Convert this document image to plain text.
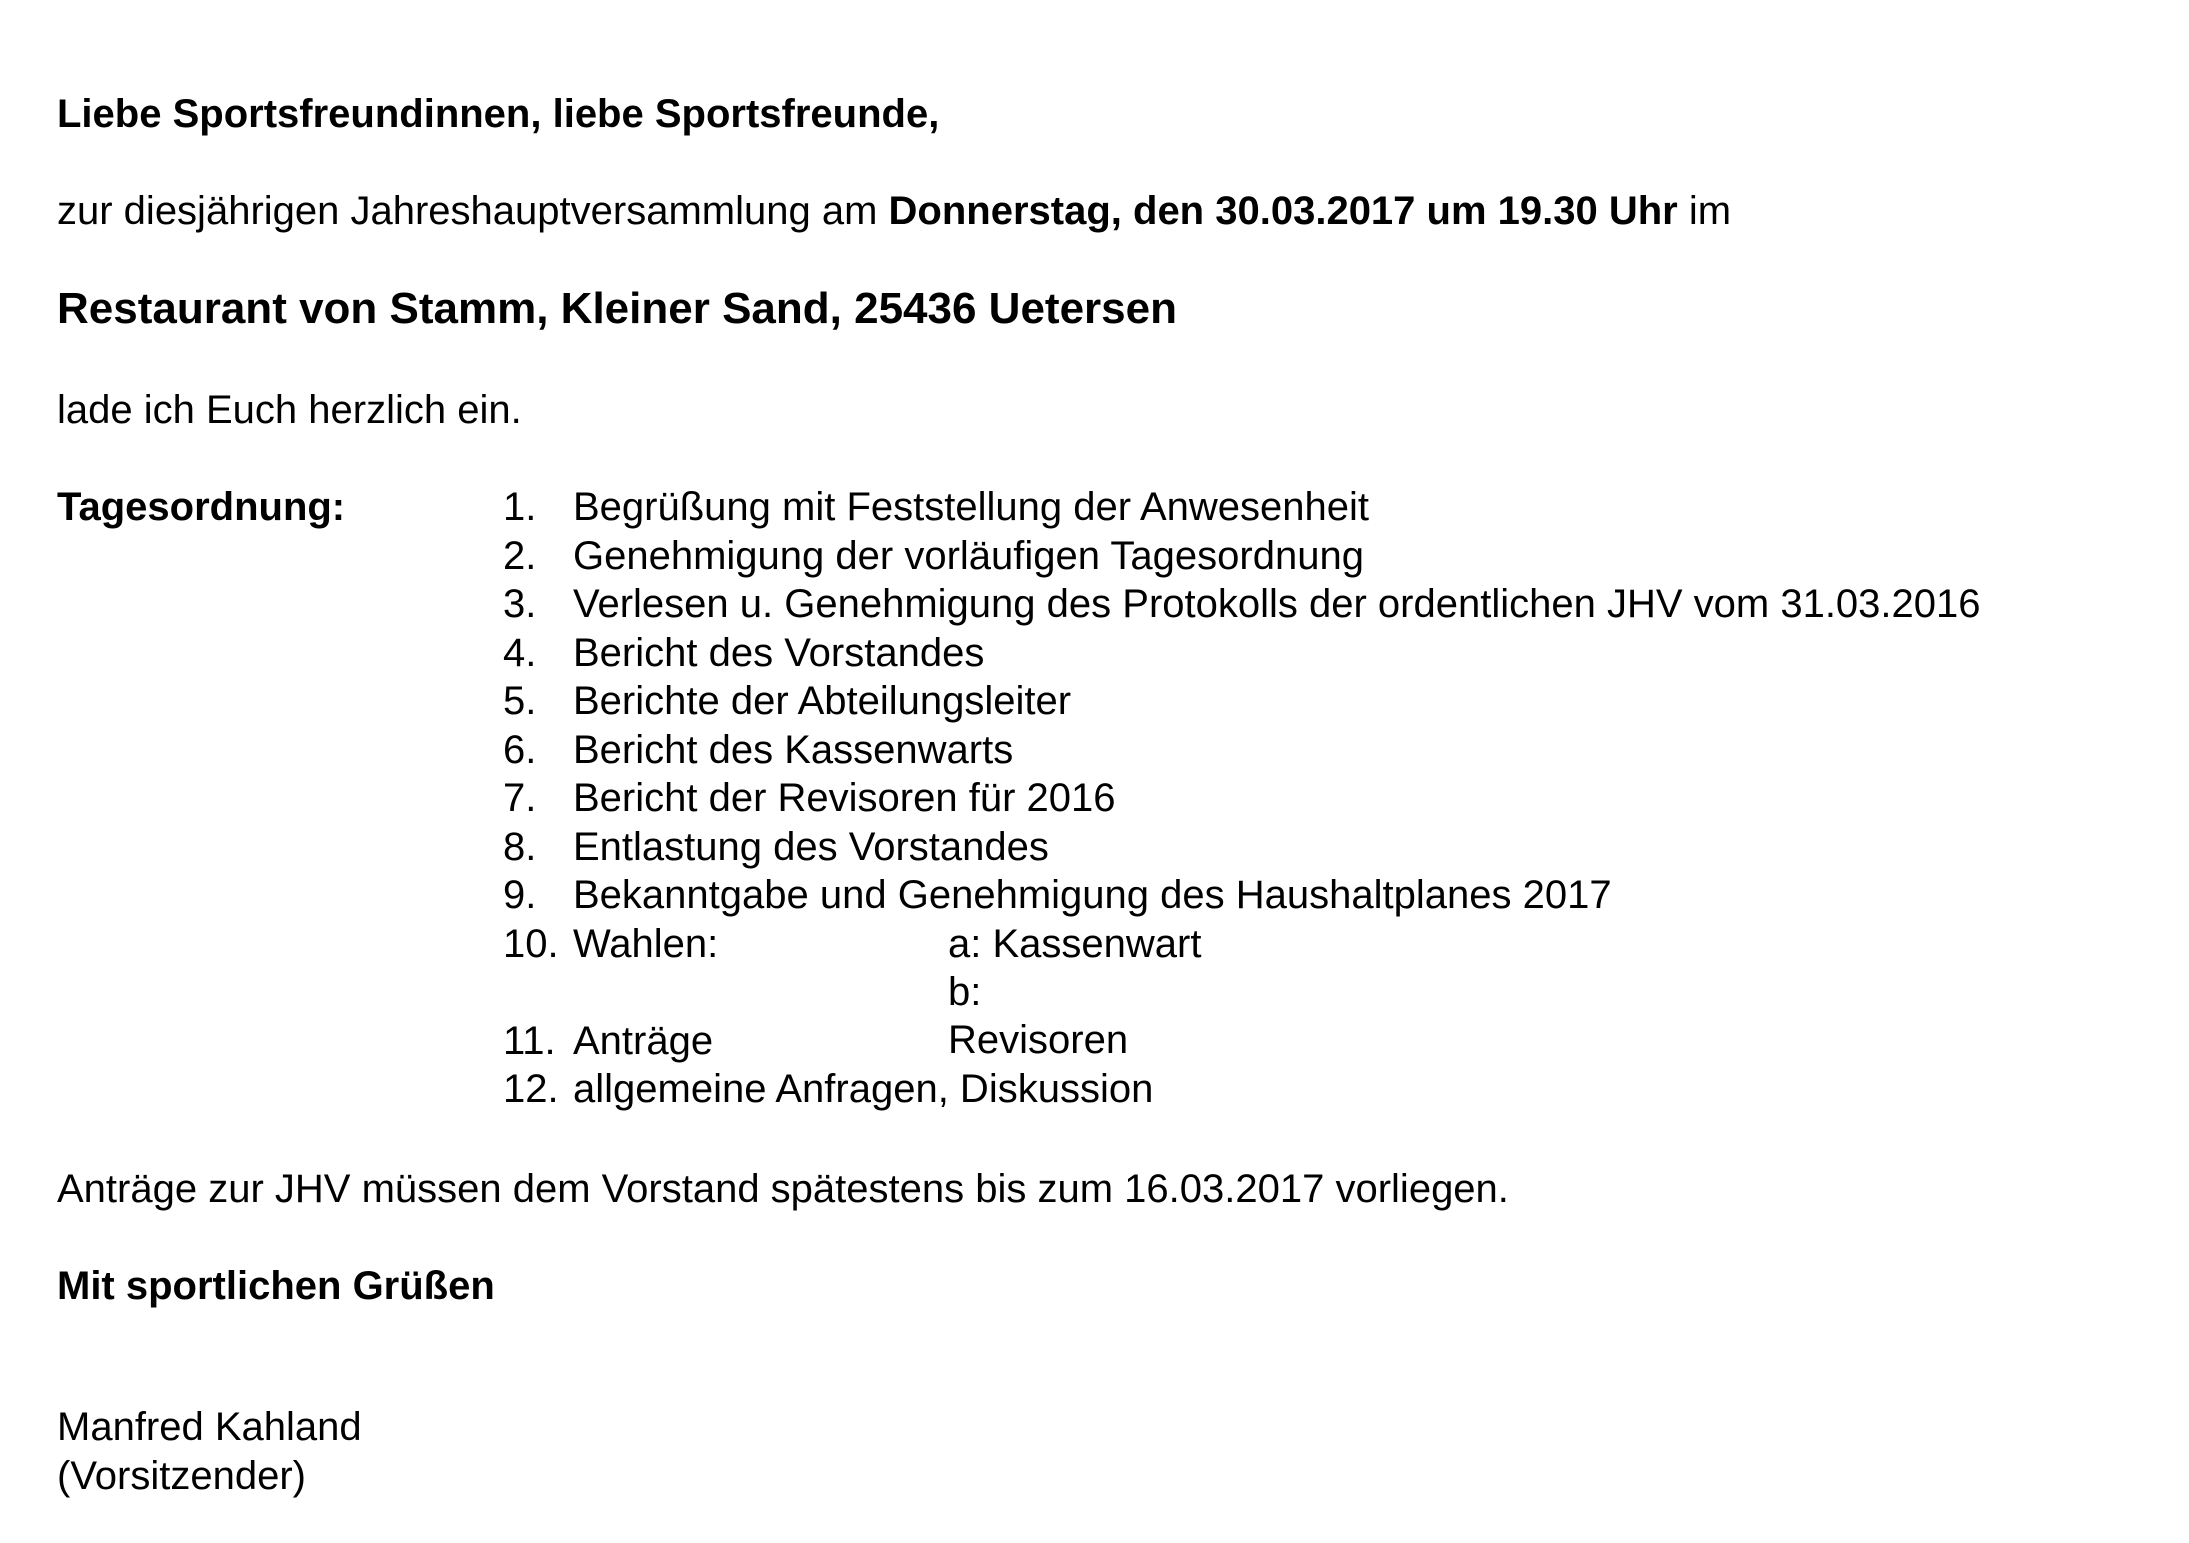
Liebe Sportsfreundinnen, liebe Sportsfreunde,
zur diesjährigen Jahreshauptversammlung am Donnerstag, den 30.03.2017 um 19.30 Uhr im
Restaurant von Stamm, Kleiner Sand, 25436 Uetersen
lade ich Euch herzlich ein.
Tagesordnung:	1. Begrüßung mit Feststellung der Anwesenheit
2. Genehmigung der vorläufigen Tagesordnung
3. Verlesen u. Genehmigung des Protokolls der ordentlichen JHV vom 31.03.2016
4. Bericht des Vorstandes
5. Berichte der Abteilungsleiter
6. Bericht des Kassenwarts
7. Bericht der Revisoren für 2016
8. Entlastung des Vorstandes
9. Bekanntgabe und Genehmigung des Haushaltplanes 2017
10. Wahlen:	a: Kassenwart
b: Revisoren
11. Anträge
12. allgemeine Anfragen, Diskussion
Anträge zur JHV müssen dem Vorstand spätestens bis zum 16.03.2017 vorliegen.
Mit sportlichen Grüßen
Manfred Kahland
(Vorsitzender)
